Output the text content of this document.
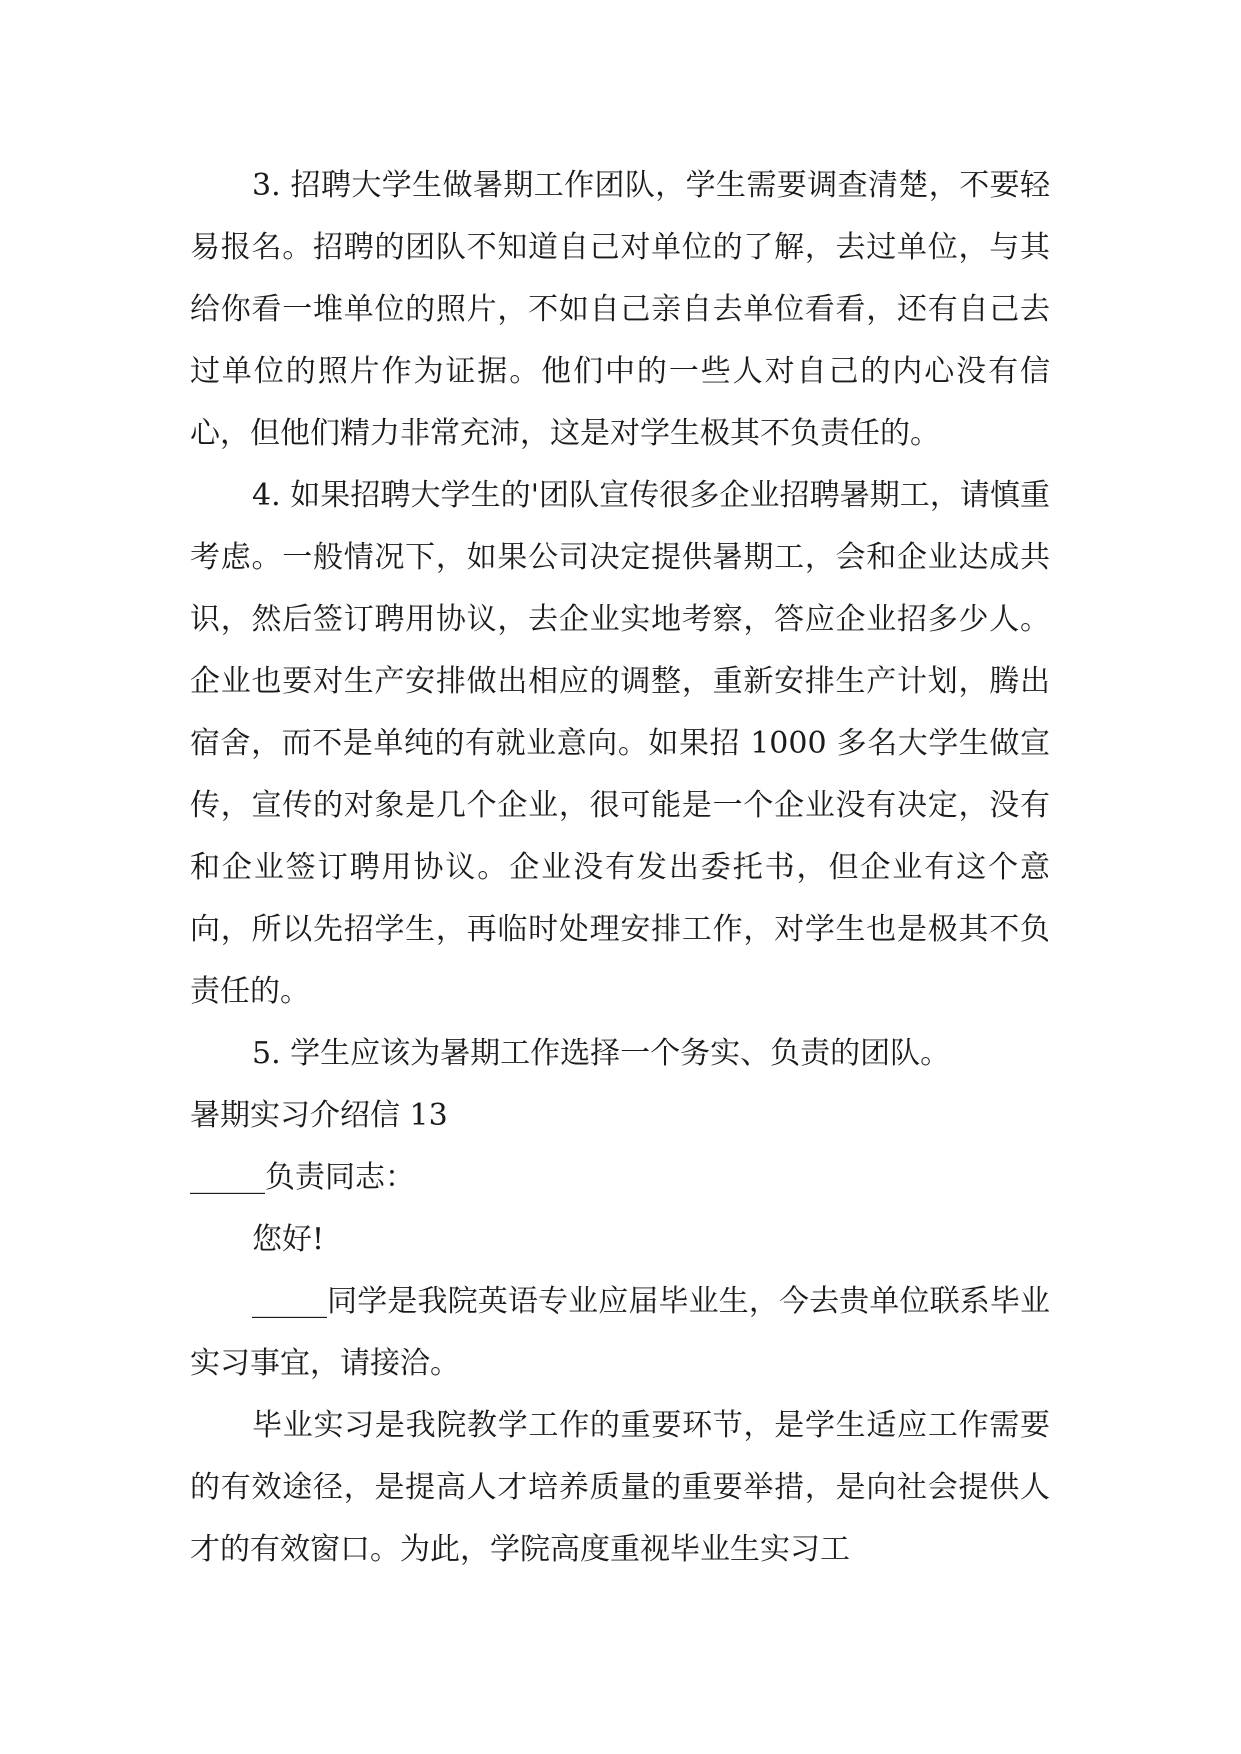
3. 招聘大学生做暑期工作团队，学生需要调查清楚，不要轻易报名。招聘的团队不知道自己对单位的了解，去过单位，与其给你看一堆单位的照片，不如自己亲自去单位看看，还有自己去过单位的照片作为证据。他们中的一些人对自己的内心没有信心，但他们精力非常充沛，这是对学生极其不负责任的。

4. 如果招聘大学生的'团队宣传很多企业招聘暑期工，请慎重考虑。一般情况下，如果公司决定提供暑期工，会和企业达成共识，然后签订聘用协议，去企业实地考察，答应企业招多少人。企业也要对生产安排做出相应的调整，重新安排生产计划，腾出宿舍，而不是单纯的有就业意向。如果招 1000 多名大学生做宣传，宣传的对象是几个企业，很可能是一个企业没有决定，没有和企业签订聘用协议。企业没有发出委托书，但企业有这个意向，所以先招学生，再临时处理安排工作，对学生也是极其不负责任的。

5. 学生应该为暑期工作选择一个务实、负责的团队。

暑期实习介绍信 13

_____负责同志：

您好!

_____同学是我院英语专业应届毕业生，今去贵单位联系毕业实习事宜，请接洽。

毕业实习是我院教学工作的重要环节，是学生适应工作需要的有效途径，是提高人才培养质量的重要举措，是向社会提供人才的有效窗口。为此，学院高度重视毕业生实习工
